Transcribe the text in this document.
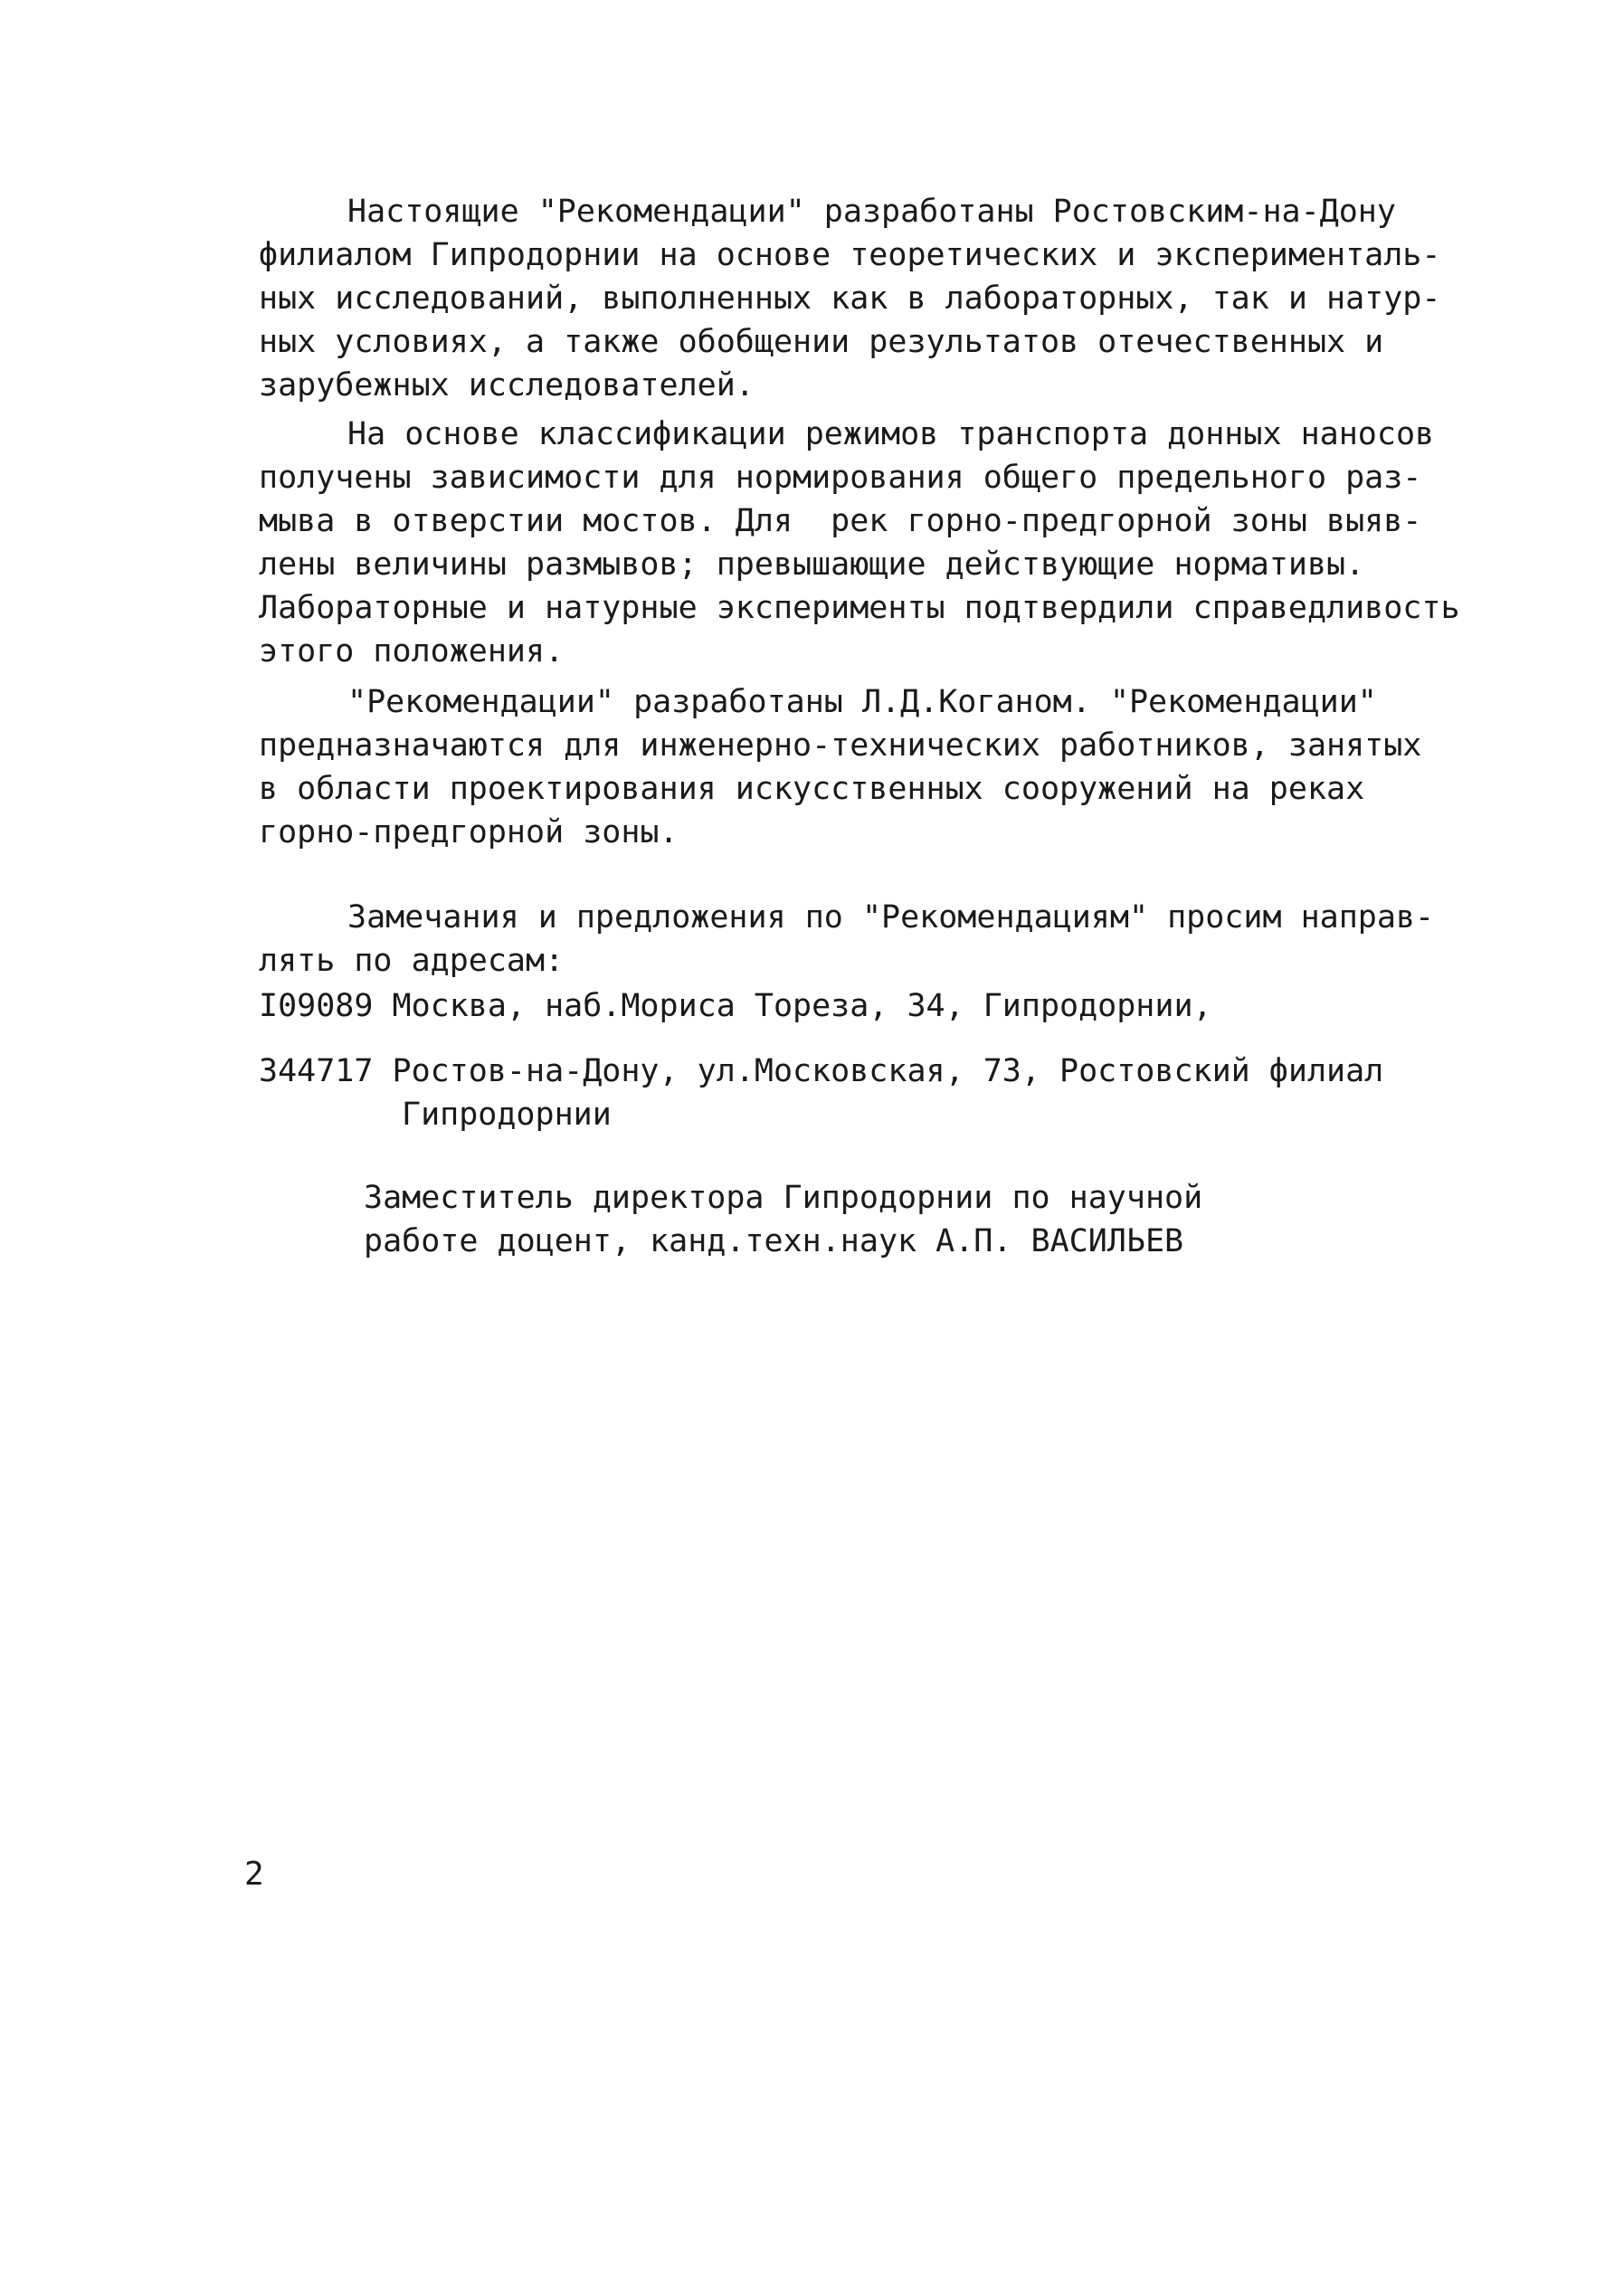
Настоящие "Рекомендации" разработаны Ростовским-на-Дону
филиалом Гипродорнии на основе теоретических и эксперименталь-
ных исследований, выполненных как в лабораторных, так и натур-
ных условиях, а также обобщении результатов отечественных и
зарубежных исследователей.
На основе классификации режимов транспорта донных наносов
получены зависимости для нормирования общего предельного раз-
мыва в отверстии мостов. Для  рек горно-предгорной зоны выяв-
лены величины размывов; превышающие действующие нормативы.
Лабораторные и натурные эксперименты подтвердили справедливость
этого положения.
"Рекомендации" разработаны Л.Д.Коганом. "Рекомендации"
предназначаются для инженерно-технических работников, занятых
в области проектирования искусственных сооружений на реках
горно-предгорной зоны.
Замечания и предложения по "Рекомендациям" просим направ-
лять по адресам:
I09089 Москва, наб.Мориса Тореза, 34, Гипродорнии,
344717 Ростов-на-Дону, ул.Московская, 73, Ростовский филиал
Гипродорнии
Заместитель директора Гипродорнии по научной
работе доцент, канд.техн.наук А.П. ВАСИЛЬЕВ
2
